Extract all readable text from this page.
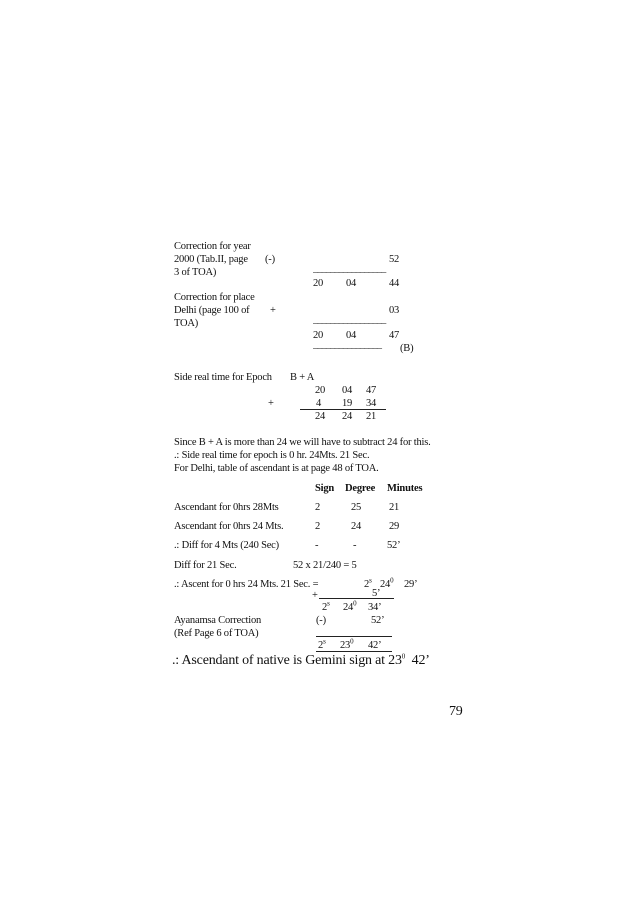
Correction for year
2000 (Tab.II, page
3 of TOA)
(-)	52
_________________
20 04	44
Correction for place
Delhi (page 100 of
TOA)
+	03
_________________
20 04	47
________________	(B)
Side real time for Epoch B + A
20 04 47
+	4 19 34
24 24 21
Since B + A is more than 24 we will have to subtract 24 for this.
.: Side real time for epoch is 0 hr. 24Mts. 21 Sec.
For Delhi, table of ascendant is at page 48 of TOA.
Sign Degree Minutes
Ascendant for 0hrs 28Mts	2	25	21
Ascendant for 0hrs 24 Mts.	2	24	29
.: Diff for 4 Mts (240 Sec)	-	-	52’
Diff for 21 Sec.	52 x 21/240 = 5
.: Ascent for 0 hrs 24 Mts. 21 Sec. =	$2^s$ $24^0$ 29’
+	5’
2$^s$ $24^0$ 34’
Ayanamsa Correction
(Ref Page 6 of TOA)
(-)	52’
2$^s$ $23^0$ 42’
.: Ascendant of native is Gemini sign at $23^0$  42’
79
